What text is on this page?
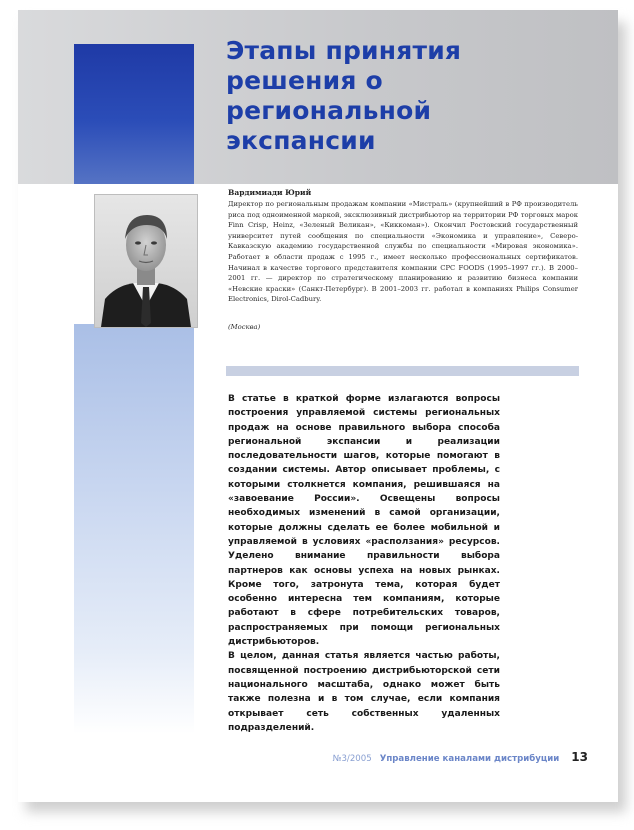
Этапы принятия
решения о региональной
экспансии
Вардимиади Юрий

Директор по региональным продажам компании «Мистраль» (крупнейший в РФ производитель риса под одноименной маркой, эксклюзивный дистрибьютор на территории РФ торговых марок Finn Crisp, Heinz, «Зеленый Великан», «Киккоман»). Окончил Ростовский государственный университет путей сообщения по специальности «Экономика и управление», Северо-Кавказскую академию государственной службы по специальности «Мировая экономика». Работает в области продаж с 1995 г., имеет несколько профессиональных сертификатов. Начинал в качестве торгового представителя компании CPC FOODS (1995–1997 гг.). В 2000–2001 гг. — директор по стратегическому планированию и развитию бизнеса компании «Невские краски» (Санкт-Петербург). В 2001–2003 гг. работал в компаниях Philips Consumer Electronics, Dirol-Cadbury.

(Москва)

В статье в краткой форме излагаются вопросы построения управляемой системы региональных продаж на основе правильного выбора способа региональной экспансии и реализации последовательности шагов, которые помогают в создании системы. Автор описывает проблемы, с которыми столкнется компания, решившаяся на «завоевание России». Освещены вопросы необходимых изменений в самой организации, которые должны сделать ее более мобильной и управляемой в условиях «расползания» ресурсов. Уделено внимание правильности выбора партнеров как основы успеха на новых рынках. Кроме того, затронута тема, которая будет особенно интересна тем компаниям, которые работают в сфере потребительских товаров, распространяемых при помощи региональных дистрибьюторов.

В целом, данная статья является частью работы, посвященной построению дистрибьюторской сети национального масштаба, однако может быть также полезна и в том случае, если компания открывает сеть собственных удаленных подразделений.

№3/2005 Управление каналами дистрибуции 13
